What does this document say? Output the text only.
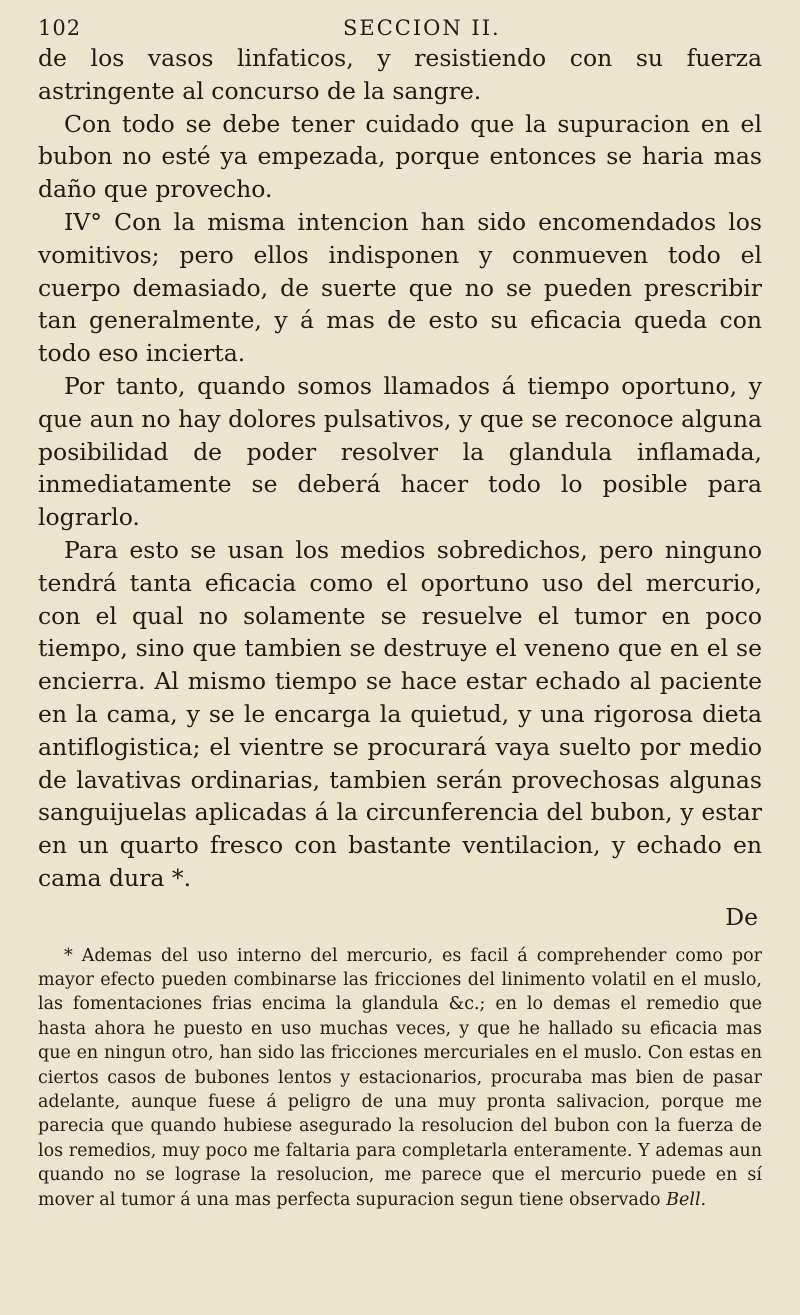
102	SECCION II.

de los vasos linfaticos, y resistiendo con su fuerza astringente al concurso de la sangre.

Con todo se debe tener cuidado que la supuracion en el bubon no esté ya empezada, porque entonces se haria mas daño que provecho.

IV° Con la misma intencion han sido encomendados los vomitivos; pero ellos indisponen y conmueven todo el cuerpo demasiado, de suerte que no se pueden prescribir tan generalmente, y á mas de esto su eficacia queda con todo eso incierta.

Por tanto, quando somos llamados á tiempo oportuno, y que aun no hay dolores pulsativos, y que se reconoce alguna posibilidad de poder resolver la glandula inflamada, inmediatamente se deberá hacer todo lo posible para lograrlo.

Para esto se usan los medios sobredichos, pero ninguno tendrá tanta eficacia como el oportuno uso del mercurio, con el qual no solamente se resuelve el tumor en poco tiempo, sino que tambien se destruye el veneno que en el se encierra. Al mismo tiempo se hace estar echado al paciente en la cama, y se le encarga la quietud, y una rigorosa dieta antiflogistica; el vientre se procurará vaya suelto por medio de lavativas ordinarias, tambien serán provechosas algunas sanguijuelas aplicadas á la circunferencia del bubon, y estar en un quarto fresco con bastante ventilacion, y echado en cama dura *.

De
* Ademas del uso interno del mercurio, es facil á comprehender como por mayor efecto pueden combinarse las fricciones del linimento volatil en el muslo, las fomentaciones frias encima la glandula &c.; en lo demas el remedio que hasta ahora he puesto en uso muchas veces, y que he hallado su eficacia mas que en ningun otro, han sido las fricciones mercuriales en el muslo. Con estas en ciertos casos de bubones lentos y estacionarios, procuraba mas bien de pasar adelante, aunque fuese á peligro de una muy pronta salivacion, porque me parecia que quando hubiese asegurado la resolucion del bubon con la fuerza de los remedios, muy poco me faltaria para completarla enteramente. Y ademas aun quando no se lograse la resolucion, me parece que el mercurio puede en sí mover al tumor á una mas perfecta supuracion segun tiene observado Bell.
